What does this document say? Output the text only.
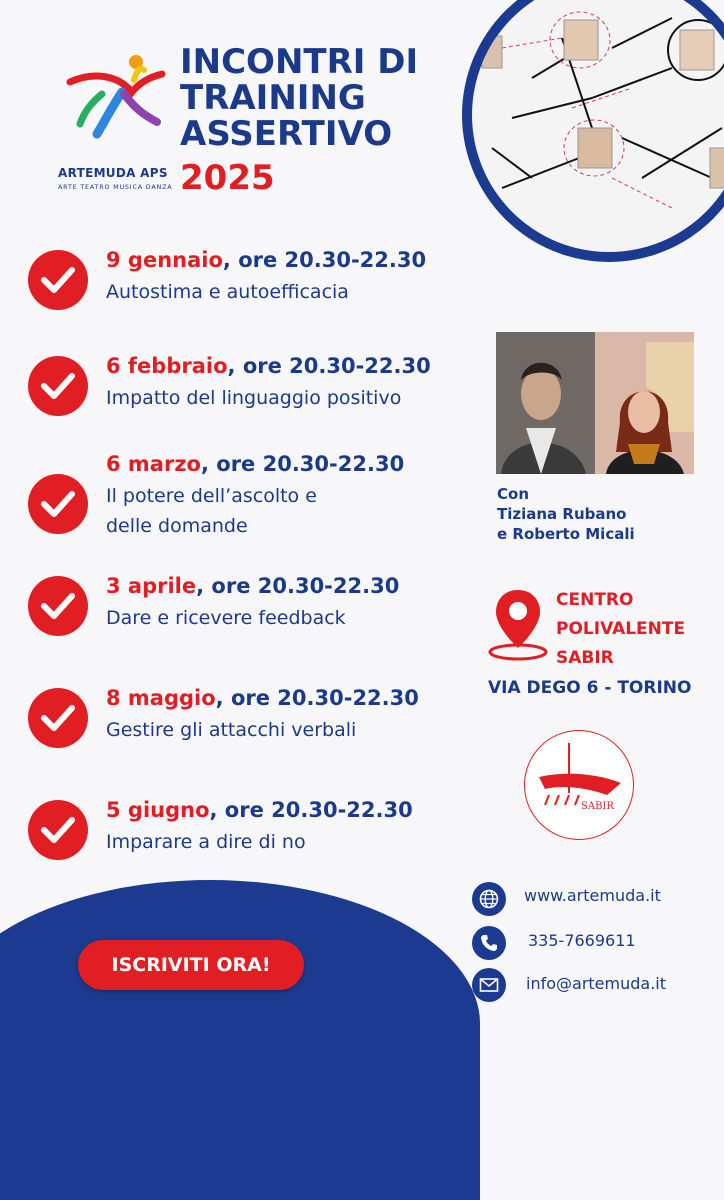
ARTEMUDA APS
ARTE TEATRO MUSICA DANZA
INCONTRI DI
TRAINING
ASSERTIVO
2025
9 gennaio, ore 20.30-22.30
Autostima e autoefficacia
6 febbraio, ore 20.30-22.30
Impatto del linguaggio positivo
6 marzo, ore 20.30-22.30
Il potere dell’ascolto e
delle domande
3 aprile, ore 20.30-22.30
Dare e ricevere feedback
8 maggio, ore 20.30-22.30
Gestire gli attacchi verbali
5 giugno, ore 20.30-22.30
Imparare a dire di no
Con
Tiziana Rubano
e Roberto Micali
CENTRO
POLIVALENTE
SABIR
VIA DEGO 6 - TORINO
SABIR
ISCRIVITI ORA!
www.artemuda.it
335-7669611
info@artemuda.it
